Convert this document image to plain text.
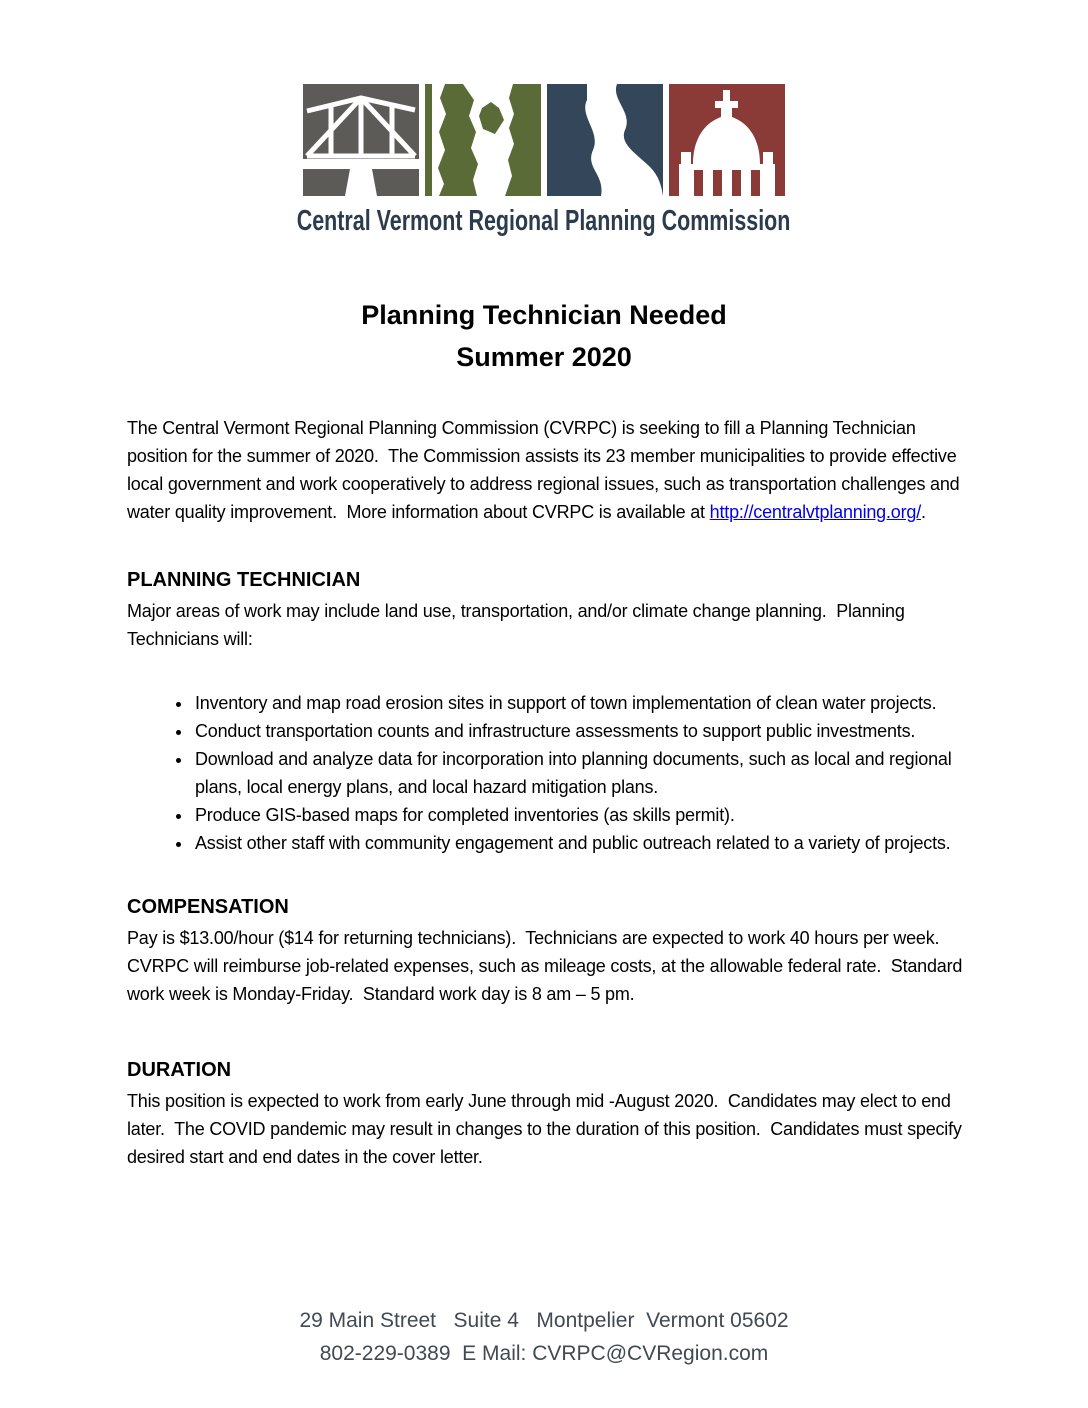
Central Vermont Regional Planning Commission
Planning Technician Needed
Summer 2020

The Central Vermont Regional Planning Commission (CVRPC) is seeking to fill a Planning Technician position for the summer of 2020.  The Commission assists its 23 member municipalities to provide effective local government and work cooperatively to address regional issues, such as transportation challenges and water quality improvement.  More information about CVRPC is available at http://centralvtplanning.org/.

PLANNING TECHNICIAN
Major areas of work may include land use, transportation, and/or climate change planning.  Planning Technicians will:
• Inventory and map road erosion sites in support of town implementation of clean water projects.
• Conduct transportation counts and infrastructure assessments to support public investments.
• Download and analyze data for incorporation into planning documents, such as local and regional plans, local energy plans, and local hazard mitigation plans.
• Produce GIS-based maps for completed inventories (as skills permit).
• Assist other staff with community engagement and public outreach related to a variety of projects.
COMPENSATION
Pay is $13.00/hour ($14 for returning technicians).  Technicians are expected to work 40 hours per week. CVRPC will reimburse job-related expenses, such as mileage costs, at the allowable federal rate.  Standard work week is Monday-Friday.  Standard work day is 8 am – 5 pm.
DURATION
This position is expected to work from early June through mid -August 2020.  Candidates may elect to end later.  The COVID pandemic may result in changes to the duration of this position.  Candidates must specify desired start and end dates in the cover letter.
29 Main Street   Suite 4   Montpelier  Vermont 05602
802-229-0389  E Mail: CVRPC@CVRegion.com
